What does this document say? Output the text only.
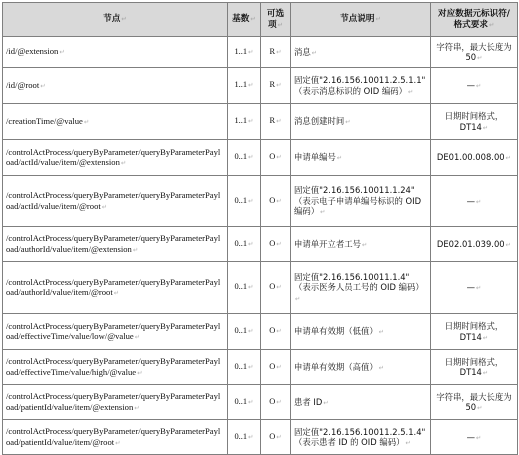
节点↵	基数↵	可选项↵	节点说明↵	对应数据元标识符/格式要求↵
/id/@extension↵	1..1↵	R↵	消息↵	字符串，最大长度为 50↵
/id/@root↵	1..1↵	R↵	固定值"2.16.156.10011.2.5.1.1"
（表示消息标识的 OID 编码）↵	—↵
/creationTime/@value↵	1..1↵	R↵	消息创建时间↵	日期时间格式，DT14↵
/controlActProcess/queryByParameter/queryByParameterPayload/actId/value/item/@extension↵	0..1↵	O↵	申请单编号↵	DE01.00.008.00↵
/controlActProcess/queryByParameter/queryByParameterPayload/actId/value/item/@root↵	0..1↵	O↵	固定值"2.16.156.10011.1.24"
（表示电子申请单编号标识的 OID 编码）↵	—↵
/controlActProcess/queryByParameter/queryByParameterPayload/authorId/value/item/@extension↵	0..1↵	O↵	申请单开立者工号↵	DE02.01.039.00↵
/controlActProcess/queryByParameter/queryByParameterPayload/authorId/value/item/@root↵	0..1↵	O↵	固定值"2.16.156.10011.1.4"
（表示医务人员工号的 OID 编码）↵	—↵
/controlActProcess/queryByParameter/queryByParameterPayload/effectiveTime/value/low/@value↵	0..1↵	O↵	申请单有效期（低值）↵	日期时间格式，DT14↵
/controlActProcess/queryByParameter/queryByParameterPayload/effectiveTime/value/high/@value↵	0..1↵	O↵	申请单有效期（高值）↵	日期时间格式，DT14↵
/controlActProcess/queryByParameter/queryByParameterPayload/patientId/value/item/@extension↵	0..1↵	O↵	患者 ID↵	字符串，最大长度为 50↵
/controlActProcess/queryByParameter/queryByParameterPayload/patientId/value/item/@root↵	0..1↵	O↵	固定值"2.16.156.10011.2.5.1.4"
（表示患者 ID 的 OID 编码）↵	—↵
